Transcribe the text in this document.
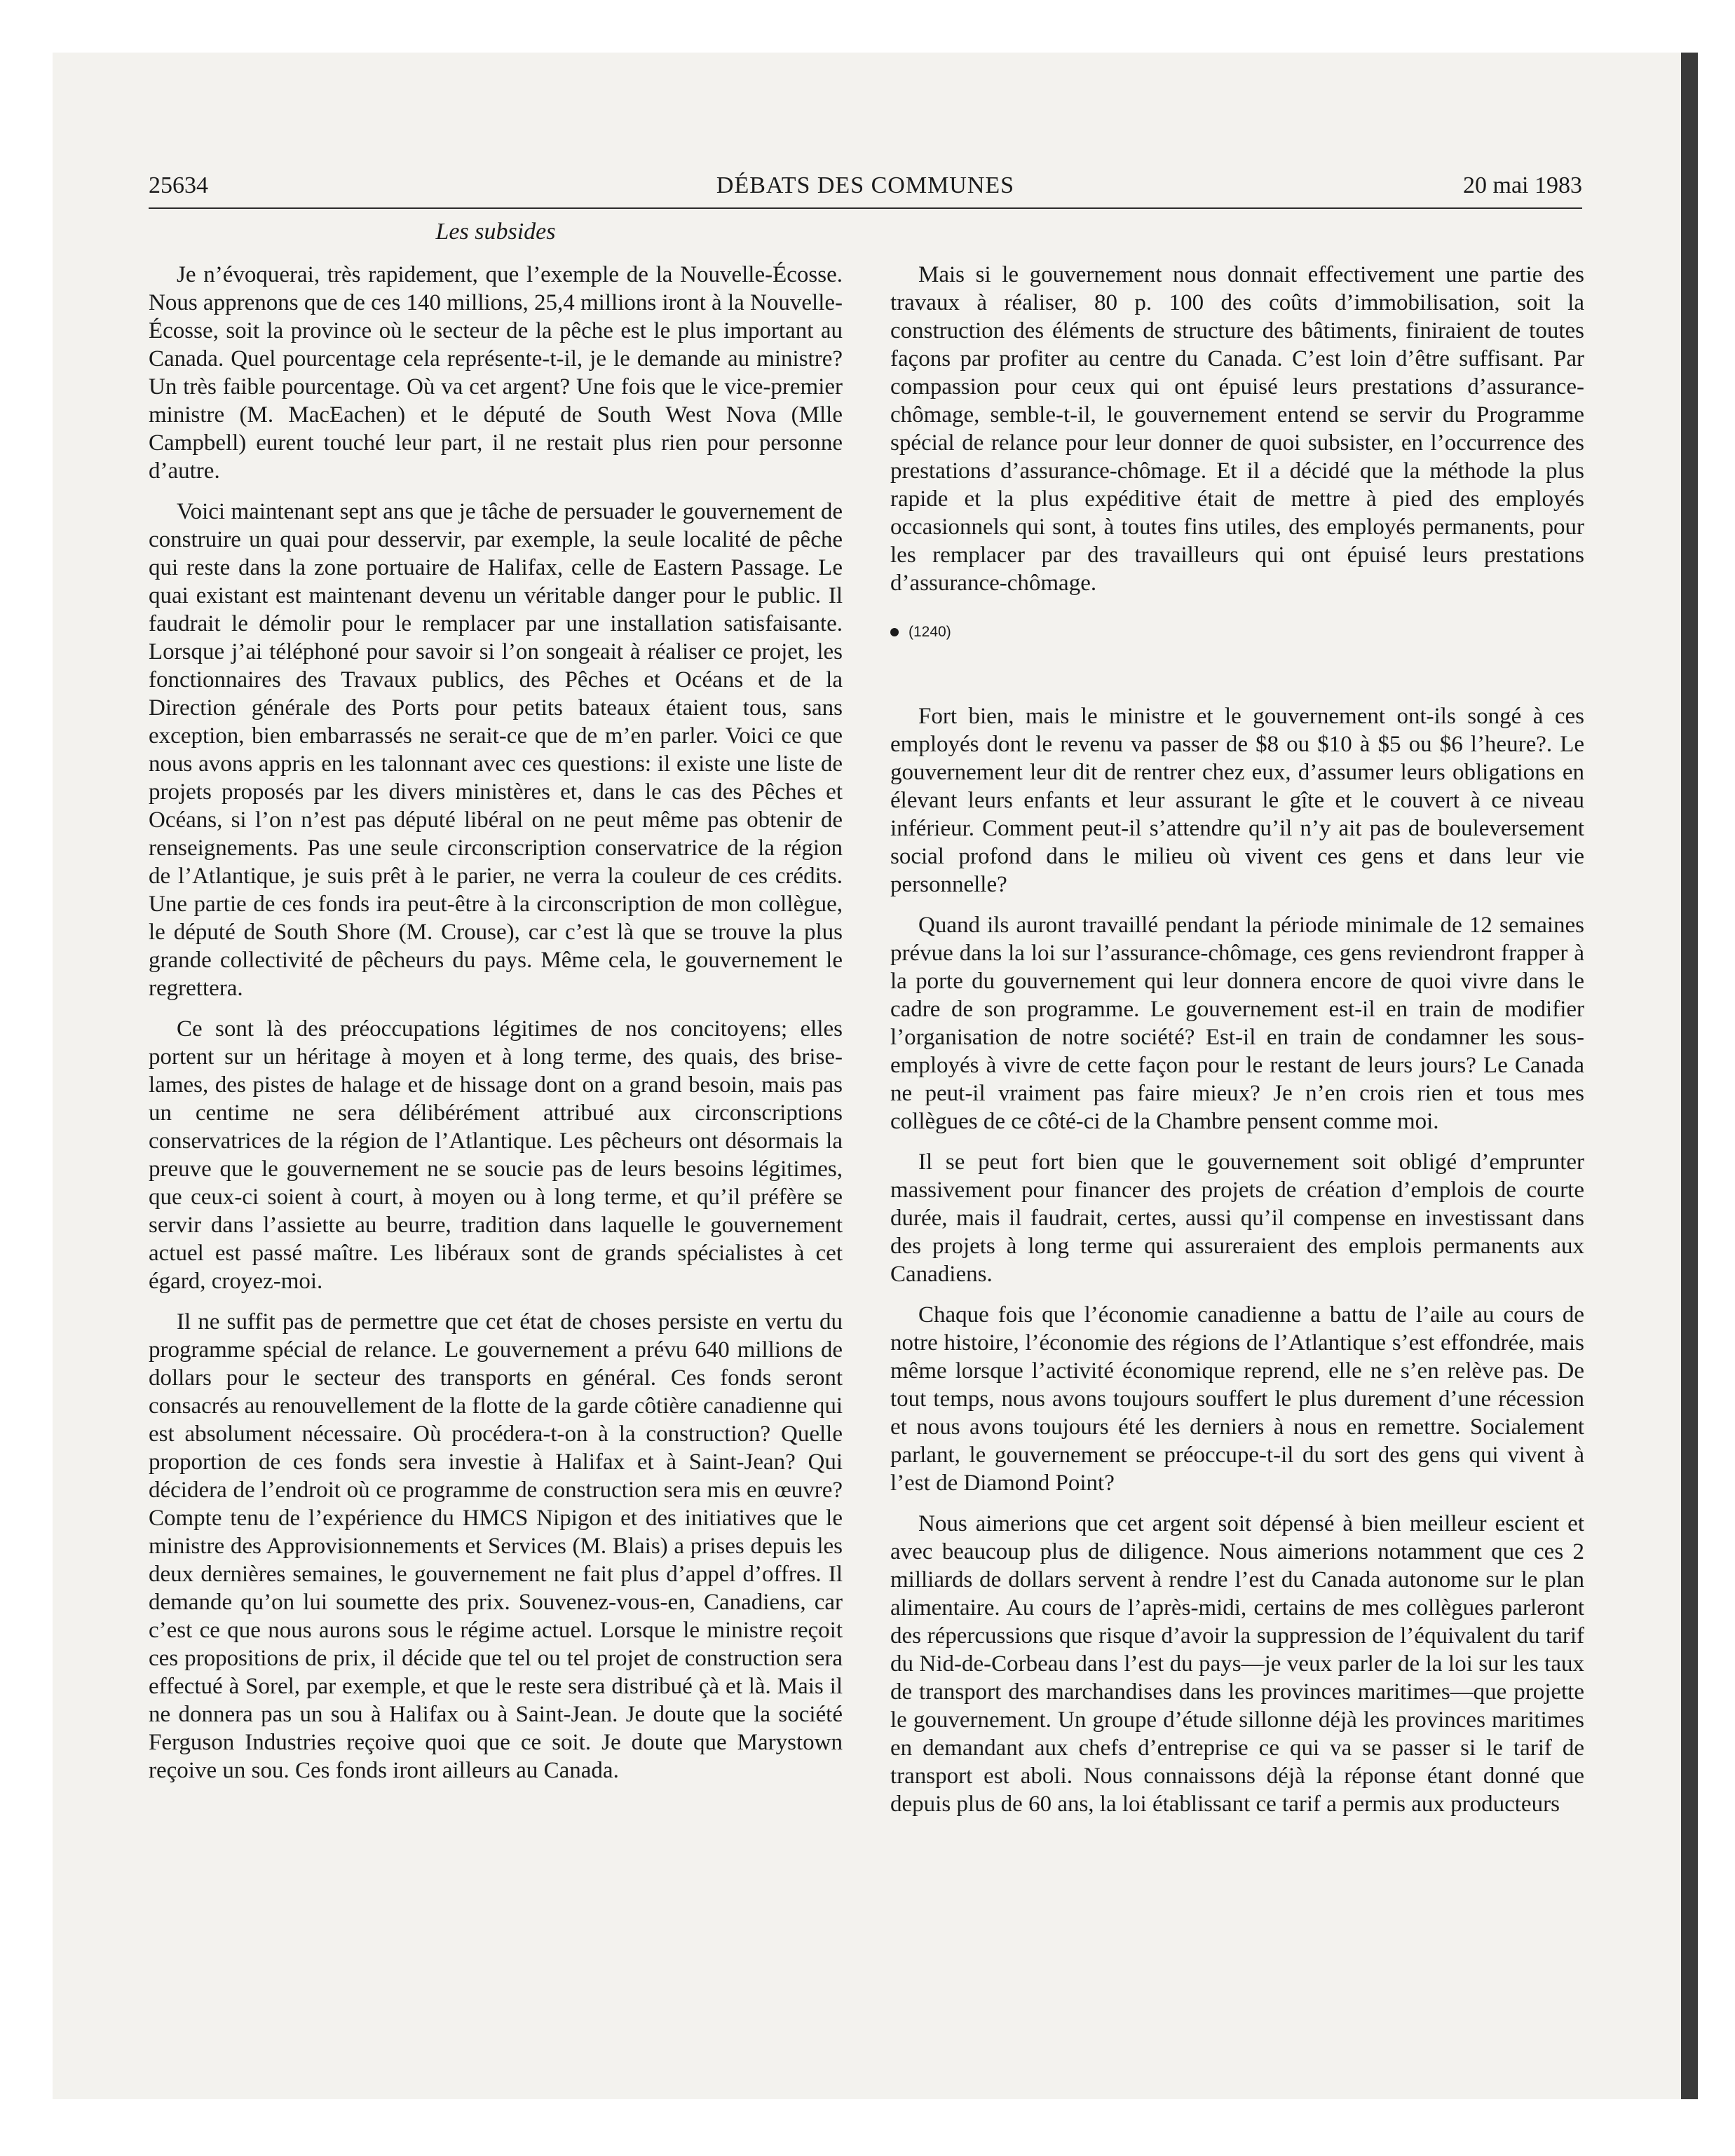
25634	DÉBATS DES COMMUNES	20 mai 1983
Les subsides

Je n’évoquerai, très rapidement, que l’exemple de la Nouvelle-Écosse. Nous apprenons que de ces 140 millions, 25,4 millions iront à la Nouvelle-Écosse, soit la province où le secteur de la pêche est le plus important au Canada. Quel pourcentage cela représente-t-il, je le demande au ministre? Un très faible pourcentage. Où va cet argent? Une fois que le vice-premier ministre (M. MacEachen) et le député de South West Nova (Mlle Campbell) eurent touché leur part, il ne restait plus rien pour personne d’autre.

Voici maintenant sept ans que je tâche de persuader le gouvernement de construire un quai pour desservir, par exemple, la seule localité de pêche qui reste dans la zone portuaire de Halifax, celle de Eastern Passage. Le quai existant est maintenant devenu un véritable danger pour le public. Il faudrait le démolir pour le remplacer par une installation satisfaisante. Lorsque j’ai téléphoné pour savoir si l’on songeait à réaliser ce projet, les fonctionnaires des Travaux publics, des Pêches et Océans et de la Direction générale des Ports pour petits bateaux étaient tous, sans exception, bien embarrassés ne serait-ce que de m’en parler. Voici ce que nous avons appris en les talonnant avec ces questions: il existe une liste de projets proposés par les divers ministères et, dans le cas des Pêches et Océans, si l’on n’est pas député libéral on ne peut même pas obtenir de renseignements. Pas une seule circonscription conservatrice de la région de l’Atlantique, je suis prêt à le parier, ne verra la couleur de ces crédits. Une partie de ces fonds ira peut-être à la circonscription de mon collègue, le député de South Shore (M. Crouse), car c’est là que se trouve la plus grande collectivité de pêcheurs du pays. Même cela, le gouvernement le regrettera.

Ce sont là des préoccupations légitimes de nos concitoyens; elles portent sur un héritage à moyen et à long terme, des quais, des brise-lames, des pistes de halage et de hissage dont on a grand besoin, mais pas un centime ne sera délibérément attribué aux circonscriptions conservatrices de la région de l’Atlantique. Les pêcheurs ont désormais la preuve que le gouvernement ne se soucie pas de leurs besoins légitimes, que ceux-ci soient à court, à moyen ou à long terme, et qu’il préfère se servir dans l’assiette au beurre, tradition dans laquelle le gouvernement actuel est passé maître. Les libéraux sont de grands spécialistes à cet égard, croyez-moi.

Il ne suffit pas de permettre que cet état de choses persiste en vertu du programme spécial de relance. Le gouvernement a prévu 640 millions de dollars pour le secteur des transports en général. Ces fonds seront consacrés au renouvellement de la flotte de la garde côtière canadienne qui est absolument nécessaire. Où procédera-t-on à la construction? Quelle proportion de ces fonds sera investie à Halifax et à Saint-Jean? Qui décidera de l’endroit où ce programme de construction sera mis en œuvre? Compte tenu de l’expérience du HMCS Nipigon et des initiatives que le ministre des Approvisionnements et Services (M. Blais) a prises depuis les deux dernières semaines, le gouvernement ne fait plus d’appel d’offres. Il demande qu’on lui soumette des prix. Souvenez-vous-en, Canadiens, car c’est ce que nous aurons sous le régime actuel. Lorsque le ministre reçoit ces propositions de prix, il décide que tel ou tel projet de construction sera effectué à Sorel, par exemple, et que le reste sera distribué çà et là. Mais il ne donnera pas un sou à Halifax ou à Saint-Jean. Je doute que la société Ferguson Industries reçoive quoi que ce soit. Je doute que Marystown reçoive un sou. Ces fonds iront ailleurs au Canada.

Mais si le gouvernement nous donnait effectivement une partie des travaux à réaliser, 80 p. 100 des coûts d’immobilisation, soit la construction des éléments de structure des bâtiments, finiraient de toutes façons par profiter au centre du Canada. C’est loin d’être suffisant. Par compassion pour ceux qui ont épuisé leurs prestations d’assurance-chômage, semble-t-il, le gouvernement entend se servir du Programme spécial de relance pour leur donner de quoi subsister, en l’occurrence des prestations d’assurance-chômage. Et il a décidé que la méthode la plus rapide et la plus expéditive était de mettre à pied des employés occasionnels qui sont, à toutes fins utiles, des employés permanents, pour les remplacer par des travailleurs qui ont épuisé leurs prestations d’assurance-chômage.

(1240)

Fort bien, mais le ministre et le gouvernement ont-ils songé à ces employés dont le revenu va passer de $8 ou $10 à $5 ou $6 l’heure?. Le gouvernement leur dit de rentrer chez eux, d’assumer leurs obligations en élevant leurs enfants et leur assurant le gîte et le couvert à ce niveau inférieur. Comment peut-il s’attendre qu’il n’y ait pas de bouleversement social profond dans le milieu où vivent ces gens et dans leur vie personnelle?

Quand ils auront travaillé pendant la période minimale de 12 semaines prévue dans la loi sur l’assurance-chômage, ces gens reviendront frapper à la porte du gouvernement qui leur donnera encore de quoi vivre dans le cadre de son programme. Le gouvernement est-il en train de modifier l’organisation de notre société? Est-il en train de condamner les sous-employés à vivre de cette façon pour le restant de leurs jours? Le Canada ne peut-il vraiment pas faire mieux? Je n’en crois rien et tous mes collègues de ce côté-ci de la Chambre pensent comme moi.

Il se peut fort bien que le gouvernement soit obligé d’emprunter massivement pour financer des projets de création d’emplois de courte durée, mais il faudrait, certes, aussi qu’il compense en investissant dans des projets à long terme qui assureraient des emplois permanents aux Canadiens.

Chaque fois que l’économie canadienne a battu de l’aile au cours de notre histoire, l’économie des régions de l’Atlantique s’est effondrée, mais même lorsque l’activité économique reprend, elle ne s’en relève pas. De tout temps, nous avons toujours souffert le plus durement d’une récession et nous avons toujours été les derniers à nous en remettre. Socialement parlant, le gouvernement se préoccupe-t-il du sort des gens qui vivent à l’est de Diamond Point?

Nous aimerions que cet argent soit dépensé à bien meilleur escient et avec beaucoup plus de diligence. Nous aimerions notamment que ces 2 milliards de dollars servent à rendre l’est du Canada autonome sur le plan alimentaire. Au cours de l’après-midi, certains de mes collègues parleront des répercussions que risque d’avoir la suppression de l’équivalent du tarif du Nid-de-Corbeau dans l’est du pays—je veux parler de la loi sur les taux de transport des marchandises dans les provinces maritimes—que projette le gouvernement. Un groupe d’étude sillonne déjà les provinces maritimes en demandant aux chefs d’entreprise ce qui va se passer si le tarif de transport est aboli. Nous connaissons déjà la réponse étant donné que depuis plus de 60 ans, la loi établissant ce tarif a permis aux producteurs
